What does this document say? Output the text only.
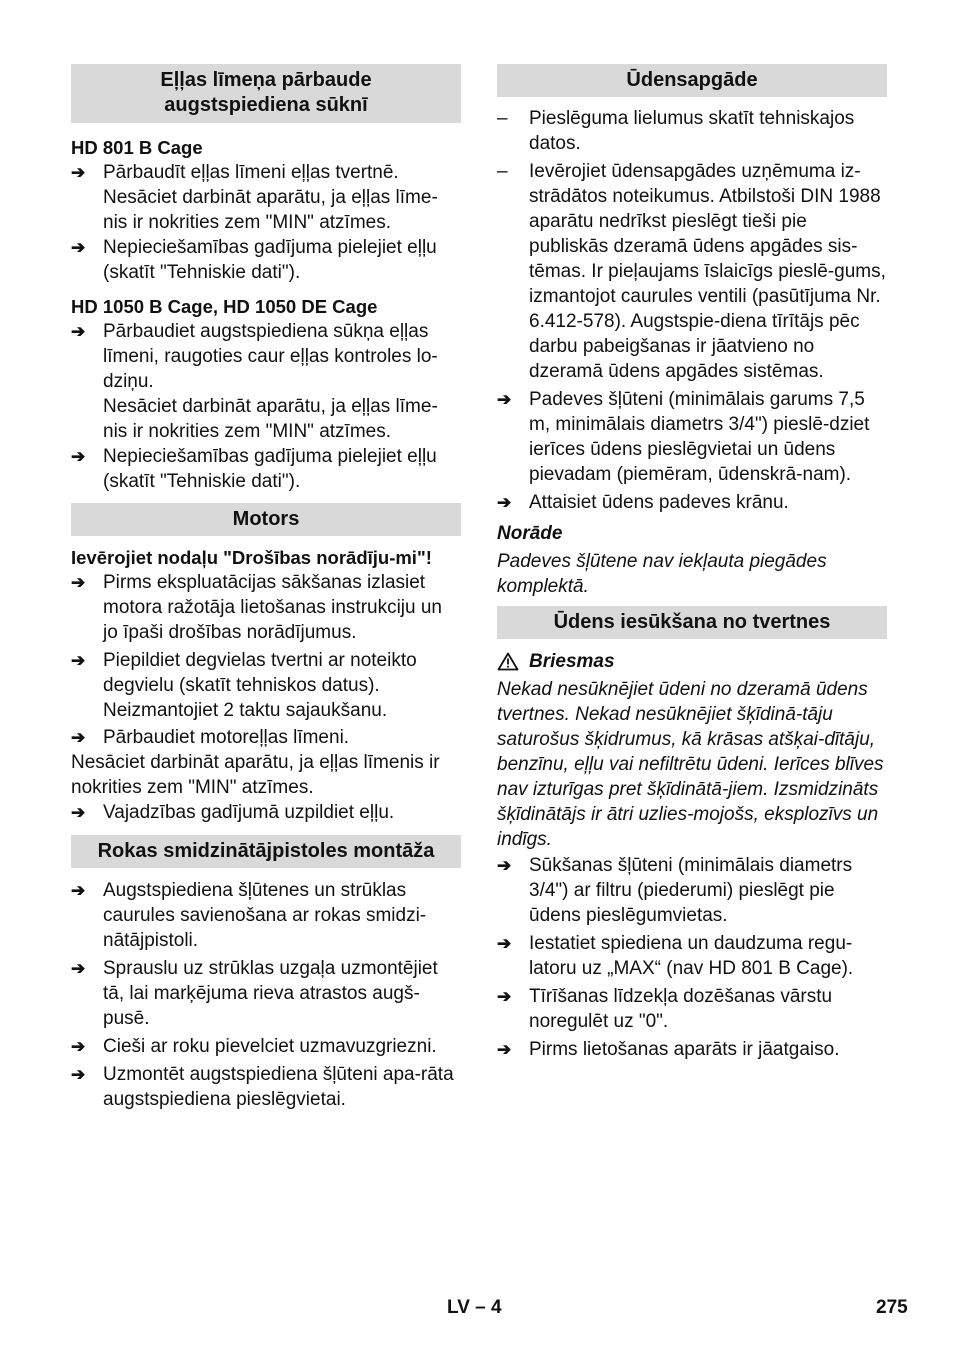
Eļļas līmeņa pārbaude
augstspiediena sūknī
HD 801 B Cage
➔ Pārbaudīt eļļas līmeni eļļas tvertnē.
Nesāciet darbināt aparātu, ja eļļas līme-nis ir nokrities zem "MIN" atzīmes.
➔ Nepieciešamības gadījuma pielejiet eļļu (skatīt "Tehniskie dati").
HD 1050 B Cage, HD 1050 DE Cage
➔ Pārbaudiet augstspiediena sūkņa eļļas līmeni, raugoties caur eļļas kontroles lo-dziņu.
Nesāciet darbināt aparātu, ja eļļas līme-nis ir nokrities zem "MIN" atzīmes.
➔ Nepieciešamības gadījuma pielejiet eļļu (skatīt "Tehniskie dati").
Motors
Ievērojiet nodaļu "Drošības norādīju-mi"!
➔ Pirms ekspluatācijas sākšanas izlasiet motora ražotāja lietošanas instrukciju un jo īpaši drošības norādījumus.
➔ Piepildiet degvielas tvertni ar noteikto degvielu (skatīt tehniskos datus).
Neizmantojiet 2 taktu sajaukšanu.
➔ Pārbaudiet motoreļļas līmeni.
Nesāciet darbināt aparātu, ja eļļas līmenis ir nokrities zem "MIN" atzīmes.
➔ Vajadzības gadījumā uzpildiet eļļu.
Rokas smidzinātājpistoles montāža
➔ Augstspiediena šļūtenes un strūklas caurules savienošana ar rokas smidzi-nātājpistoli.
➔ Sprauslu uz strūklas uzgaļa uzmontējiet tā, lai marķējuma rieva atrastos augš-pusē.
➔ Cieši ar roku pievelciet uzmavuzgriezni.
➔ Uzmontēt augstspiediena šļūteni apa-rāta augstspiediena pieslēgvietai.
Ūdensapgāde
–	Pieslēguma lielumus skatīt tehniskajos datos.
–	Ievērojiet ūdensapgādes uzņēmuma iz-strādātos noteikumus. Atbilstoši DIN 1988 aparātu nedrīkst pieslēgt tieši pie publiskās dzeramā ūdens apgādes sis-tēmas. Ir pieļaujams īslaicīgs pieslē-gums, izmantojot caurules ventili (pasūtījuma Nr. 6.412-578). Augstspie-diena tīrītājs pēc darbu pabeigšanas ir jāatvieno no dzeramā ūdens apgādes sistēmas.
➔ Padeves šļūteni (minimālais garums 7,5 m, minimālais diametrs 3/4") pieslē-dziet ierīces ūdens pieslēgvietai un ūdens pievadam (piemēram, ūdenskrā-nam).
➔ Attaisiet ūdens padeves krānu.
Norāde
Padeves šļūtene nav iekļauta piegādes komplektā.
Ūdens iesūkšana no tvertnes
Briesmas
Nekad nesūknējiet ūdeni no dzeramā ūdens tvertnes. Nekad nesūknējiet šķīdinā-tāju saturošus šķidrumus, kā krāsas atšķai-dītāju, benzīnu, eļļu vai nefiltrētu ūdeni. Ierīces blīves nav izturīgas pret šķīdinātā-jiem. Izsmidzināts šķīdinātājs ir ātri uzlies-mojošs, eksplozīvs un indīgs.
➔ Sūkšanas šļūteni (minimālais diametrs 3/4") ar filtru (piederumi) pieslēgt pie ūdens pieslēgumvietas.
➔ Iestatiet spiediena un daudzuma regu-latoru uz „MAX“ (nav HD 801 B Cage).
➔ Tīrīšanas līdzekļa dozēšanas vārstu noregulēt uz "0".
➔ Pirms lietošanas aparāts ir jāatgaiso.
LV – 4	275
